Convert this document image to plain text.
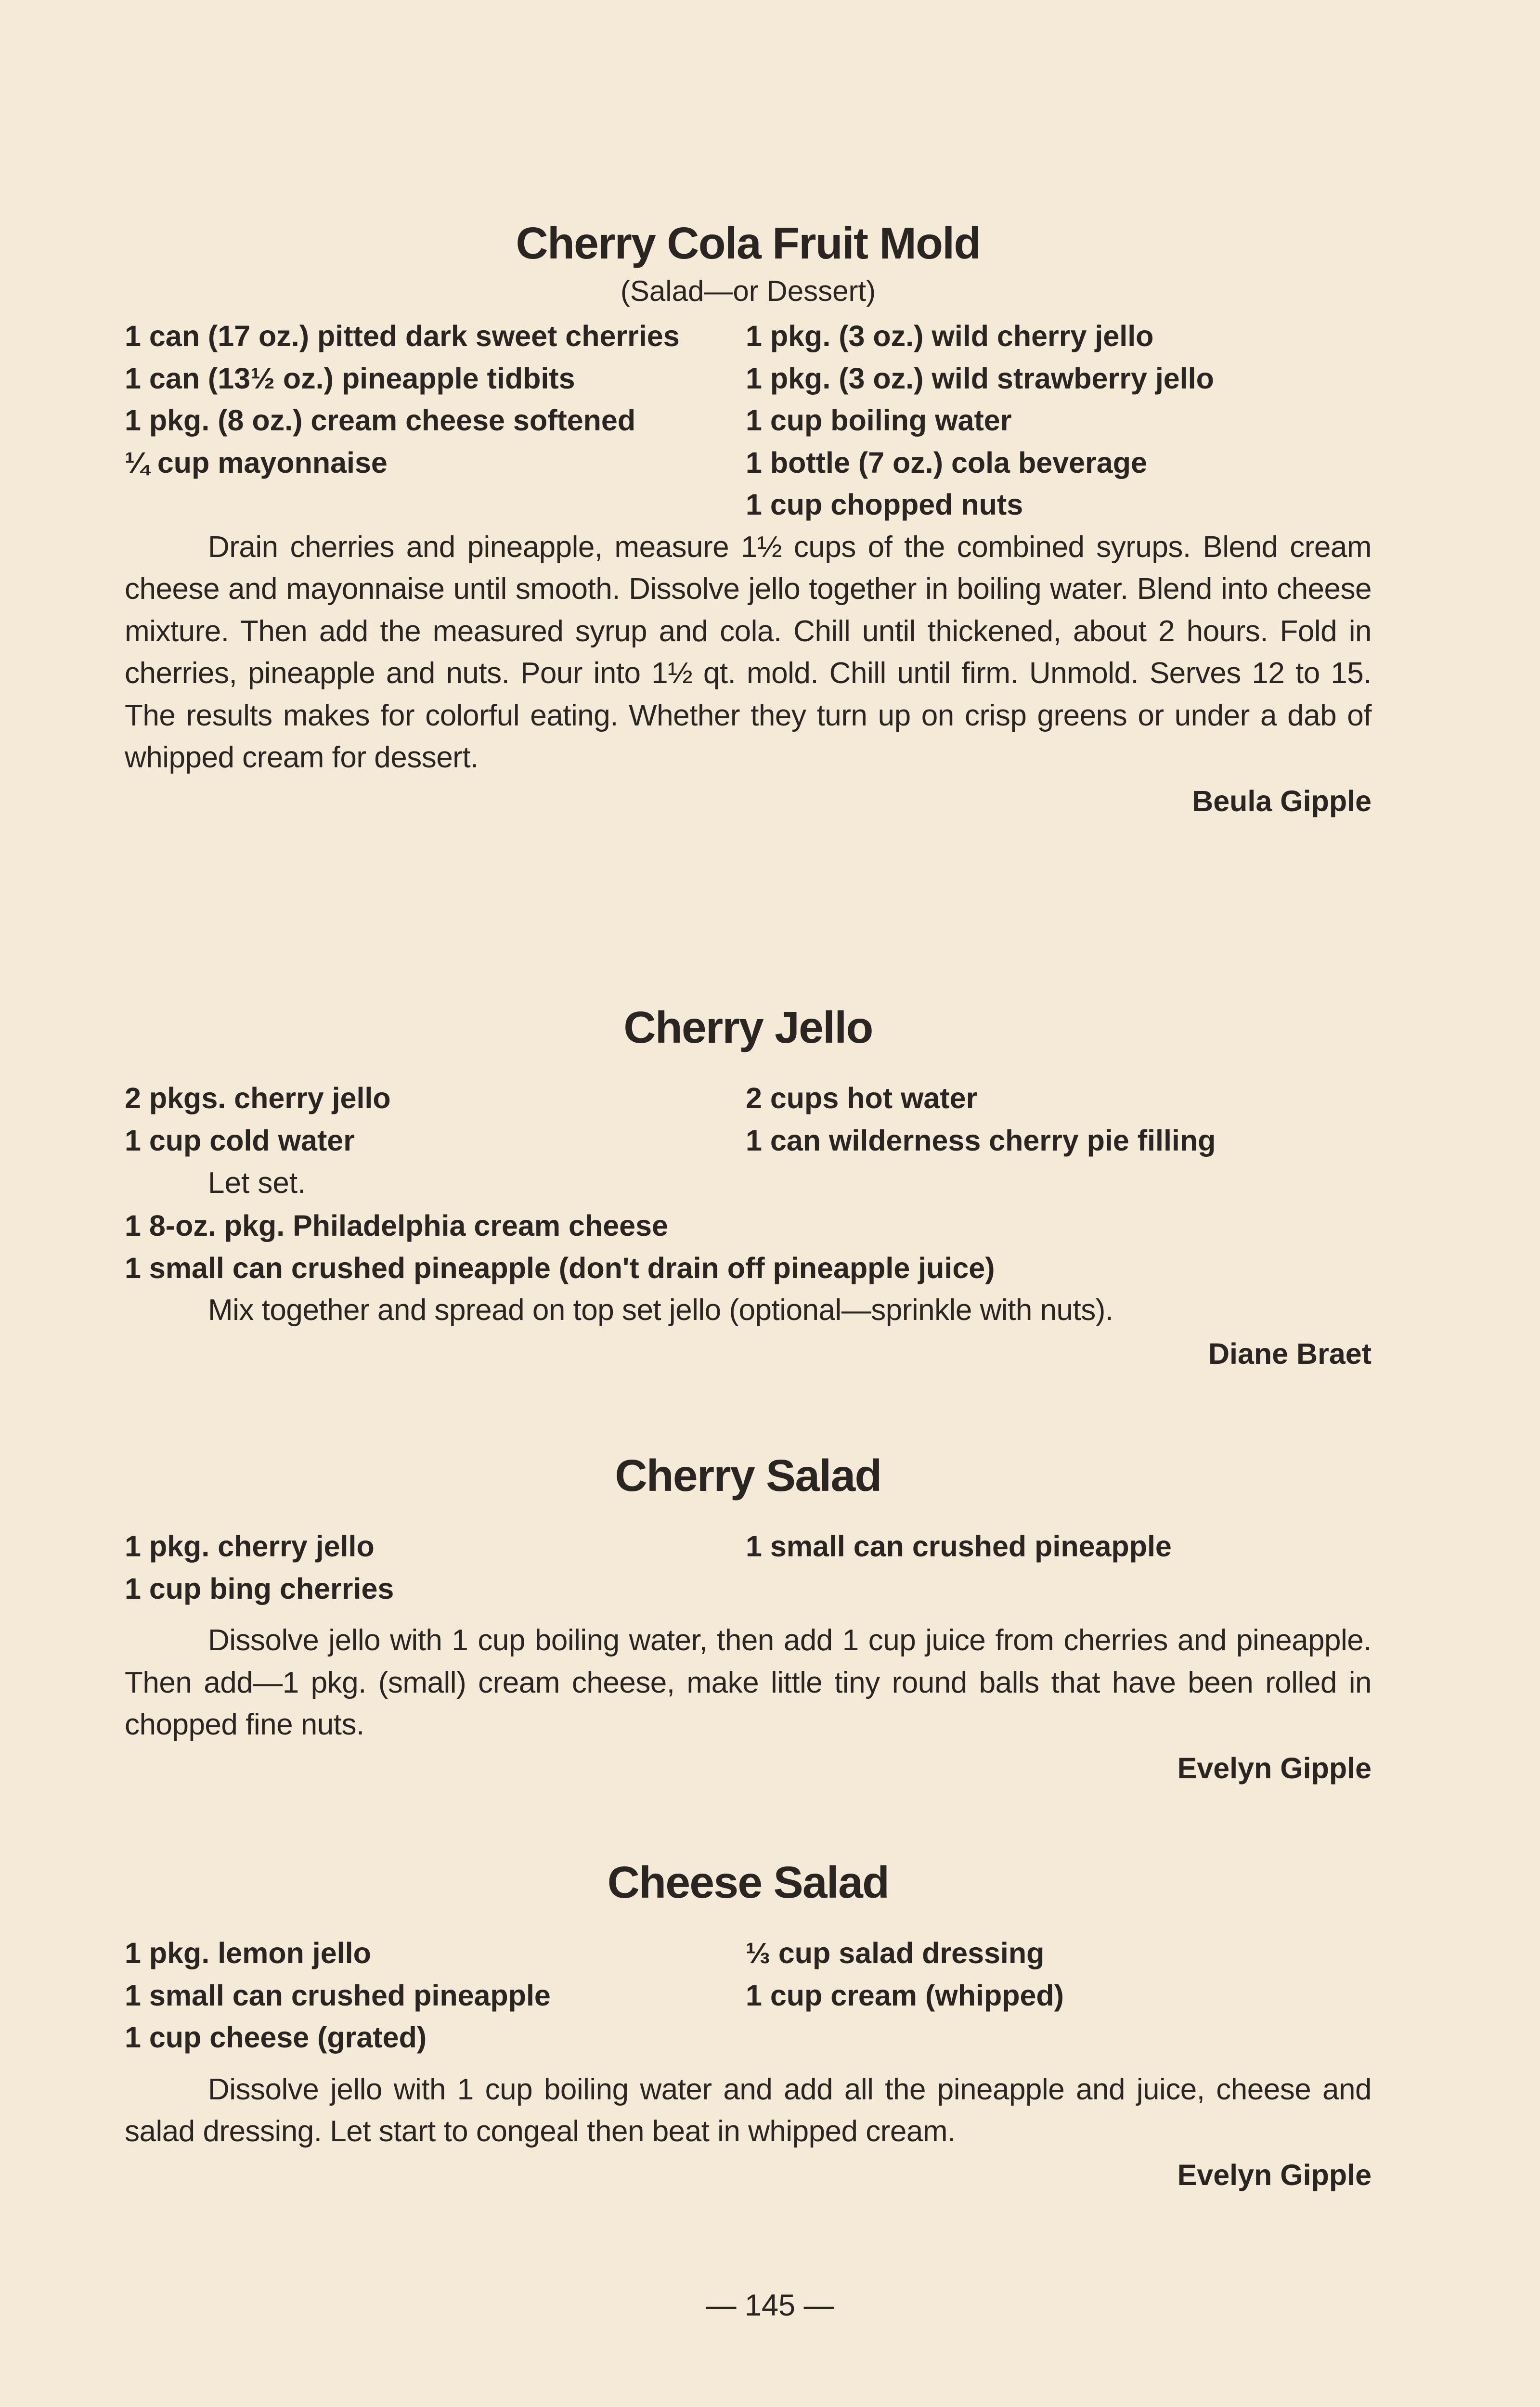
Cherry Cola Fruit Mold
(Salad—or Dessert)
1 can (17 oz.) pitted dark sweet cherries
1 can (13½ oz.) pineapple tidbits
1 pkg. (8 oz.) cream cheese softened
¼ cup mayonnaise
1 pkg. (3 oz.) wild cherry jello
1 pkg. (3 oz.) wild strawberry jello
1 cup boiling water
1 bottle (7 oz.) cola beverage
1 cup chopped nuts
Drain cherries and pineapple, measure 1½ cups of the combined syrups. Blend cream cheese and mayonnaise until smooth. Dissolve jello together in boiling water. Blend into cheese mixture. Then add the measured syrup and cola. Chill until thickened, about 2 hours. Fold in cherries, pineapple and nuts. Pour into 1½ qt. mold. Chill until firm. Unmold. Serves 12 to 15. The results makes for colorful eating. Whether they turn up on crisp greens or under a dab of whipped cream for dessert.
Beula Gipple
Cherry Jello
2 pkgs. cherry jello
1 cup cold water
2 cups hot water
1 can wilderness cherry pie filling
Let set.
1 8-oz. pkg. Philadelphia cream cheese
1 small can crushed pineapple (don't drain off pineapple juice)
Mix together and spread on top set jello (optional—sprinkle with nuts).
Diane Braet
Cherry Salad
1 pkg. cherry jello
1 cup bing cherries
1 small can crushed pineapple
Dissolve jello with 1 cup boiling water, then add 1 cup juice from cherries and pineapple. Then add—1 pkg. (small) cream cheese, make little tiny round balls that have been rolled in chopped fine nuts.
Evelyn Gipple
Cheese Salad
1 pkg. lemon jello
1 small can crushed pineapple
1 cup cheese (grated)
⅓ cup salad dressing
1 cup cream (whipped)
Dissolve jello with 1 cup boiling water and add all the pineapple and juice, cheese and salad dressing. Let start to congeal then beat in whipped cream.
Evelyn Gipple
— 145 —
